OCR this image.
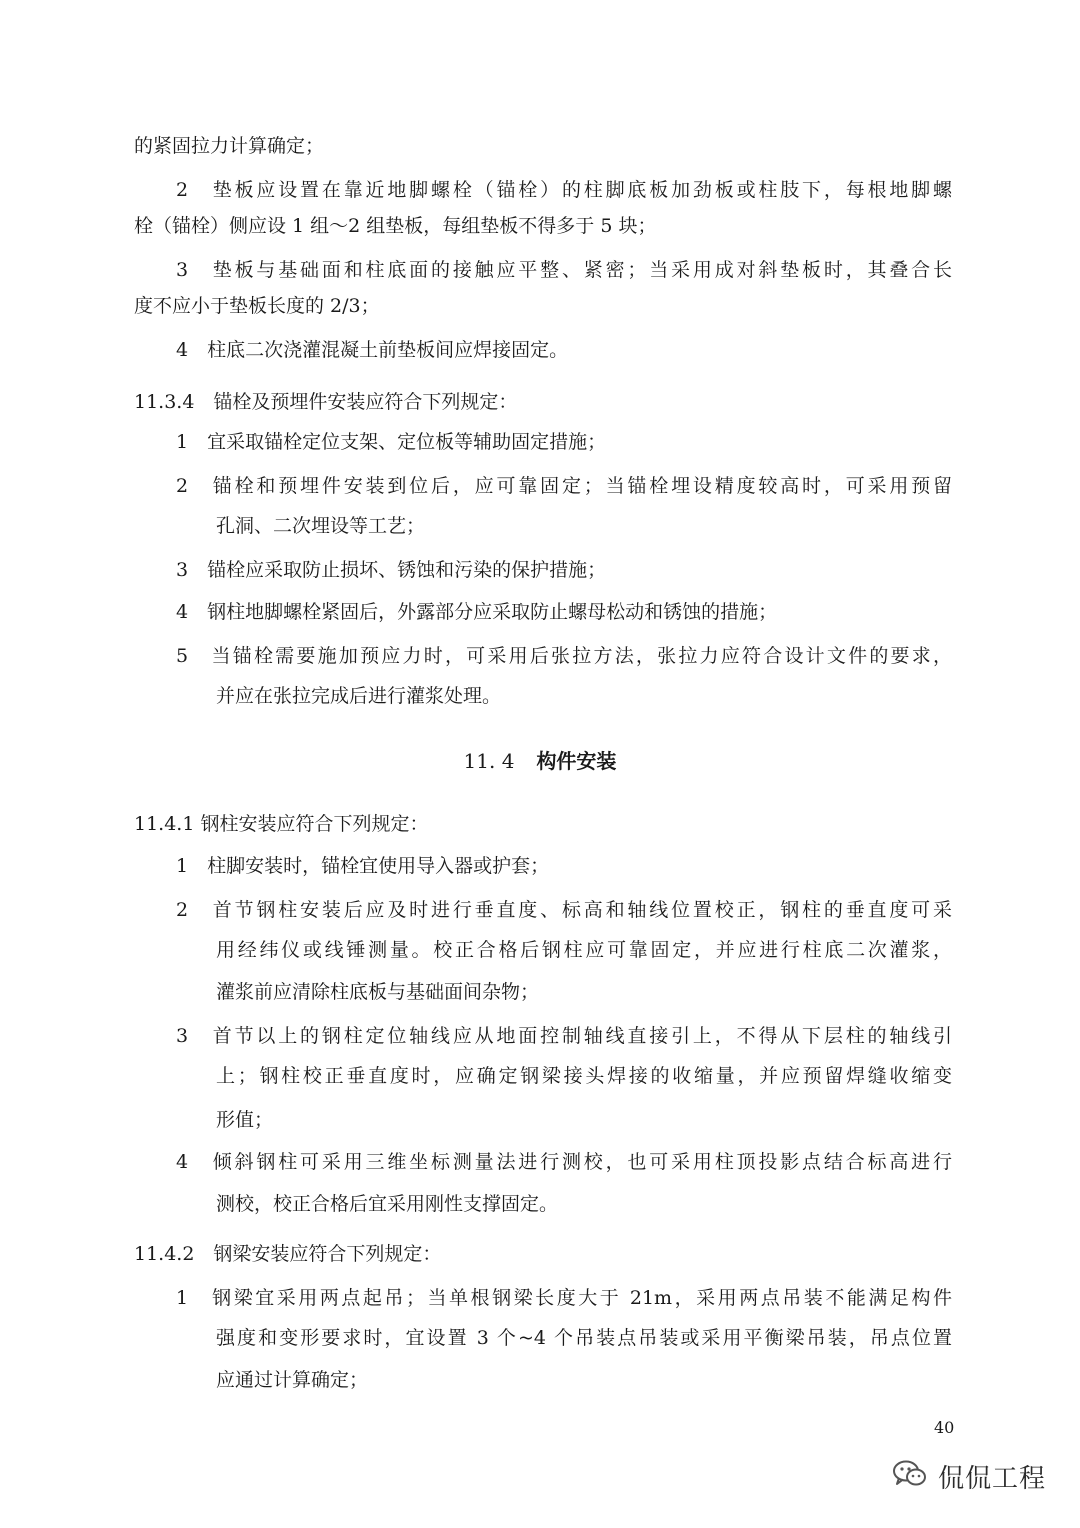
的紧固拉力计算确定；
2　垫板应设置在靠近地脚螺栓（锚栓）的柱脚底板加劲板或柱肢下，每根地脚螺
栓（锚栓）侧应设 1 组～2 组垫板，每组垫板不得多于 5 块；
3　垫板与基础面和柱底面的接触应平整、紧密；当采用成对斜垫板时，其叠合长
度不应小于垫板长度的 2/3；
4　柱底二次浇灌混凝土前垫板间应焊接固定。
11.3.4　锚栓及预埋件安装应符合下列规定：
1　宜采取锚栓定位支架、定位板等辅助固定措施；
2　锚栓和预埋件安装到位后，应可靠固定；当锚栓埋设精度较高时，可采用预留
孔洞、二次埋设等工艺；
3　锚栓应采取防止损坏、锈蚀和污染的保护措施；
4　钢柱地脚螺栓紧固后，外露部分应采取防止螺母松动和锈蚀的措施；
5　当锚栓需要施加预应力时，可采用后张拉方法，张拉力应符合设计文件的要求，
并应在张拉完成后进行灌浆处理。
11. 4 构件安装
11.4.1 钢柱安装应符合下列规定：
1　柱脚安装时，锚栓宜使用导入器或护套；
2　首节钢柱安装后应及时进行垂直度、标高和轴线位置校正，钢柱的垂直度可采
用经纬仪或线锤测量。校正合格后钢柱应可靠固定，并应进行柱底二次灌浆，
灌浆前应清除柱底板与基础面间杂物；
3　首节以上的钢柱定位轴线应从地面控制轴线直接引上，不得从下层柱的轴线引
上；钢柱校正垂直度时，应确定钢梁接头焊接的收缩量，并应预留焊缝收缩变
形值；
4　倾斜钢柱可采用三维坐标测量法进行测校，也可采用柱顶投影点结合标高进行
测校，校正合格后宜采用刚性支撑固定。
11.4.2　钢梁安装应符合下列规定：
1　钢梁宜采用两点起吊；当单根钢梁长度大于 21m，采用两点吊装不能满足构件
强度和变形要求时，宜设置 3 个~4 个吊装点吊装或采用平衡梁吊装，吊点位置
应通过计算确定；
40
侃侃工程
